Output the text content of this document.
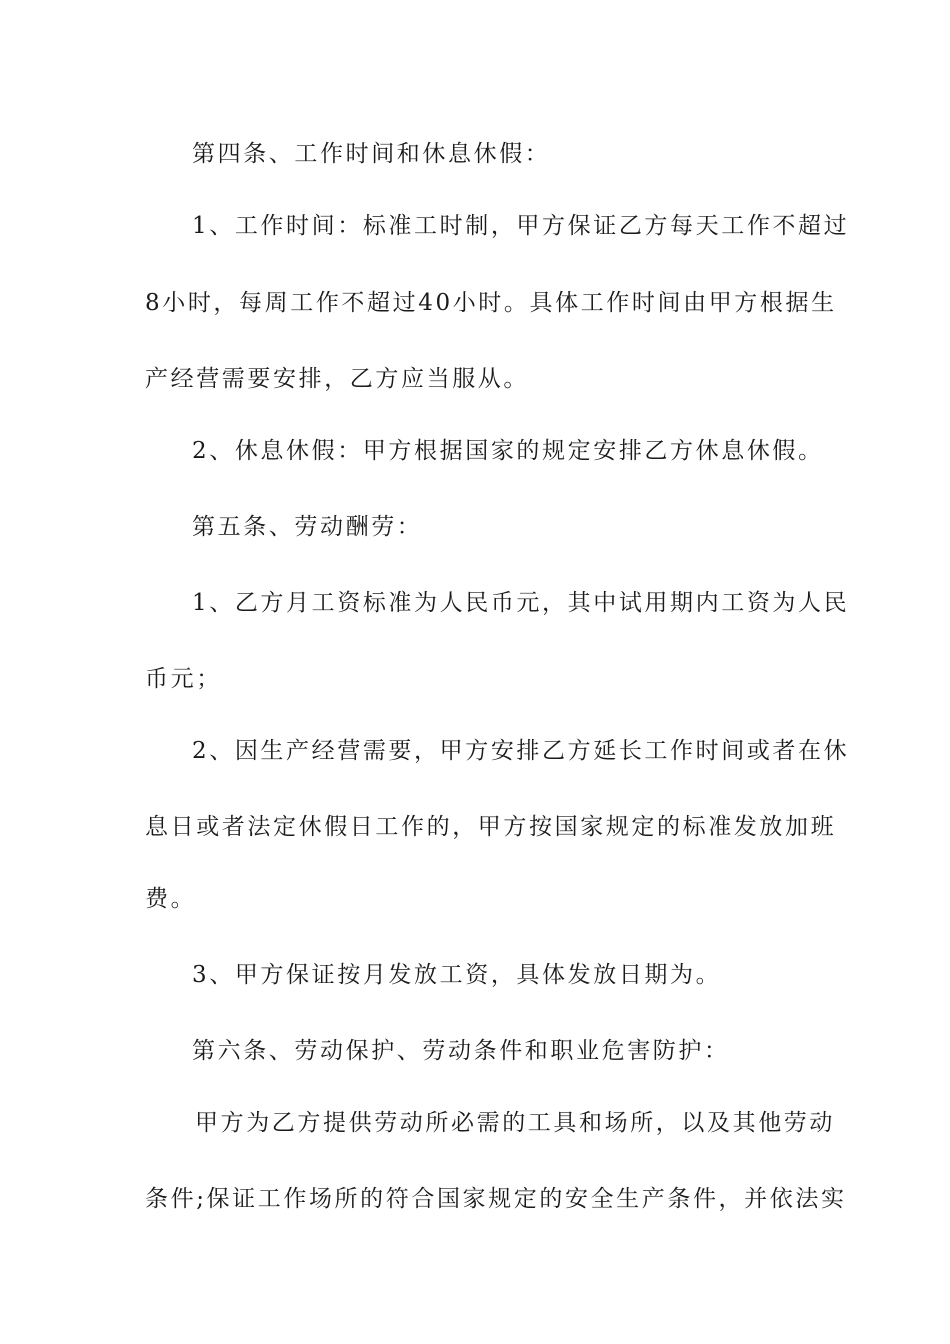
第四条、工作时间和休息休假：
1、工作时间：标准工时制，甲方保证乙方每天工作不超过
8小时，每周工作不超过40小时。具体工作时间由甲方根据生
产经营需要安排，乙方应当服从。
2、休息休假：甲方根据国家的规定安排乙方休息休假。
第五条、劳动酬劳：
1、乙方月工资标准为人民币元，其中试用期内工资为人民
币元；
2、因生产经营需要，甲方安排乙方延长工作时间或者在休
息日或者法定休假日工作的，甲方按国家规定的标准发放加班
费。
3、甲方保证按月发放工资，具体发放日期为。
第六条、劳动保护、劳动条件和职业危害防护：
甲方为乙方提供劳动所必需的工具和场所，以及其他劳动
条件;保证工作场所的符合国家规定的安全生产条件，并依法实
